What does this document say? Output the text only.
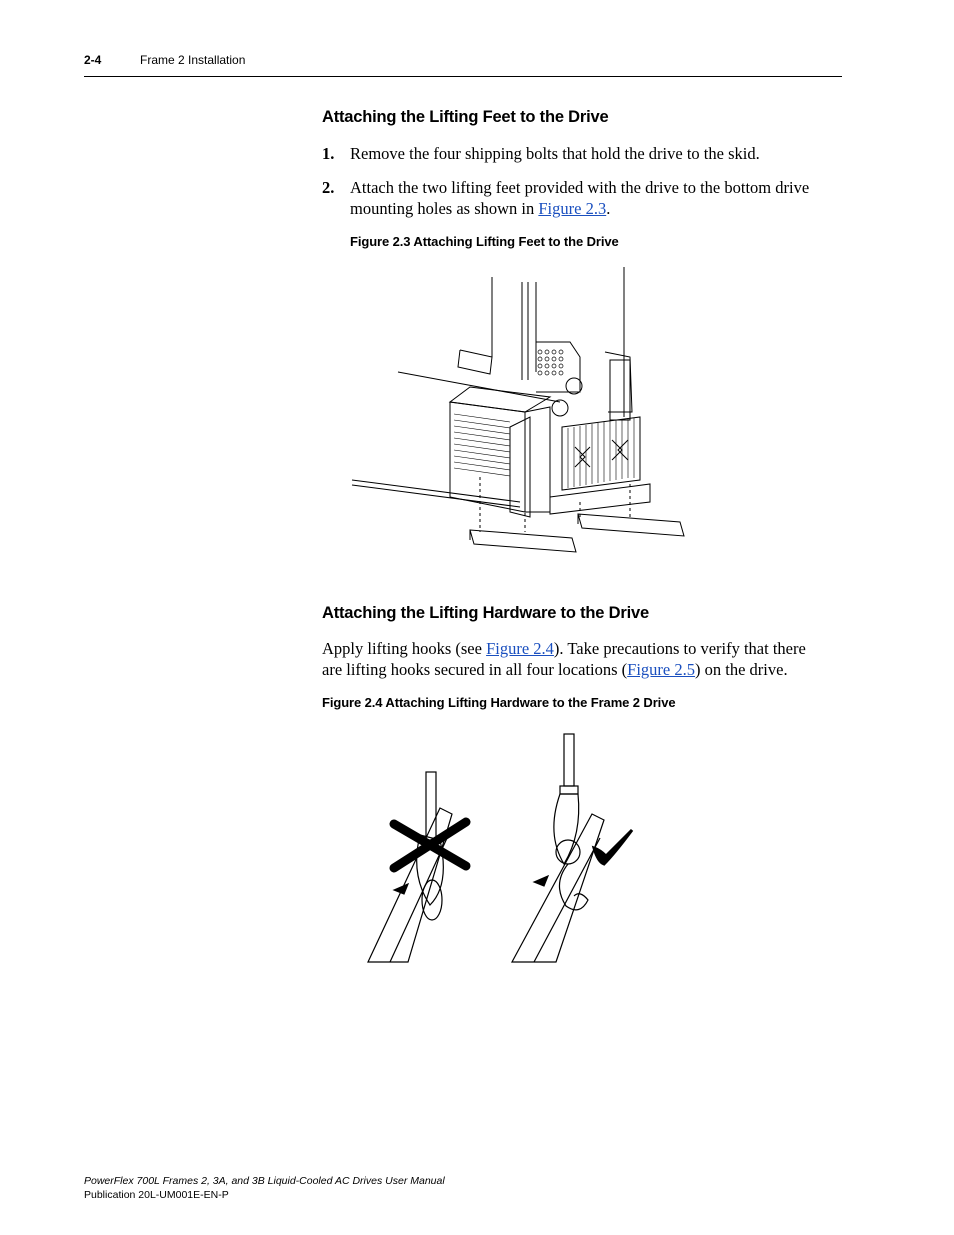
2-4	Frame 2 Installation
Attaching the Lifting Feet to the Drive
1. Remove the four shipping bolts that hold the drive to the skid.
2. Attach the two lifting feet provided with the drive to the bottom drive
mounting holes as shown in Figure 2.3.
Figure 2.3 Attaching Lifting Feet to the Drive
Attaching the Lifting Hardware to the Drive
Apply lifting hooks (see Figure 2.4). Take precautions to verify that there
are lifting hooks secured in all four locations (Figure 2.5) on the drive.
Figure 2.4 Attaching Lifting Hardware to the Frame 2 Drive
PowerFlex 700L Frames 2, 3A, and 3B Liquid-Cooled AC Drives User Manual
Publication 20L-UM001E-EN-P
